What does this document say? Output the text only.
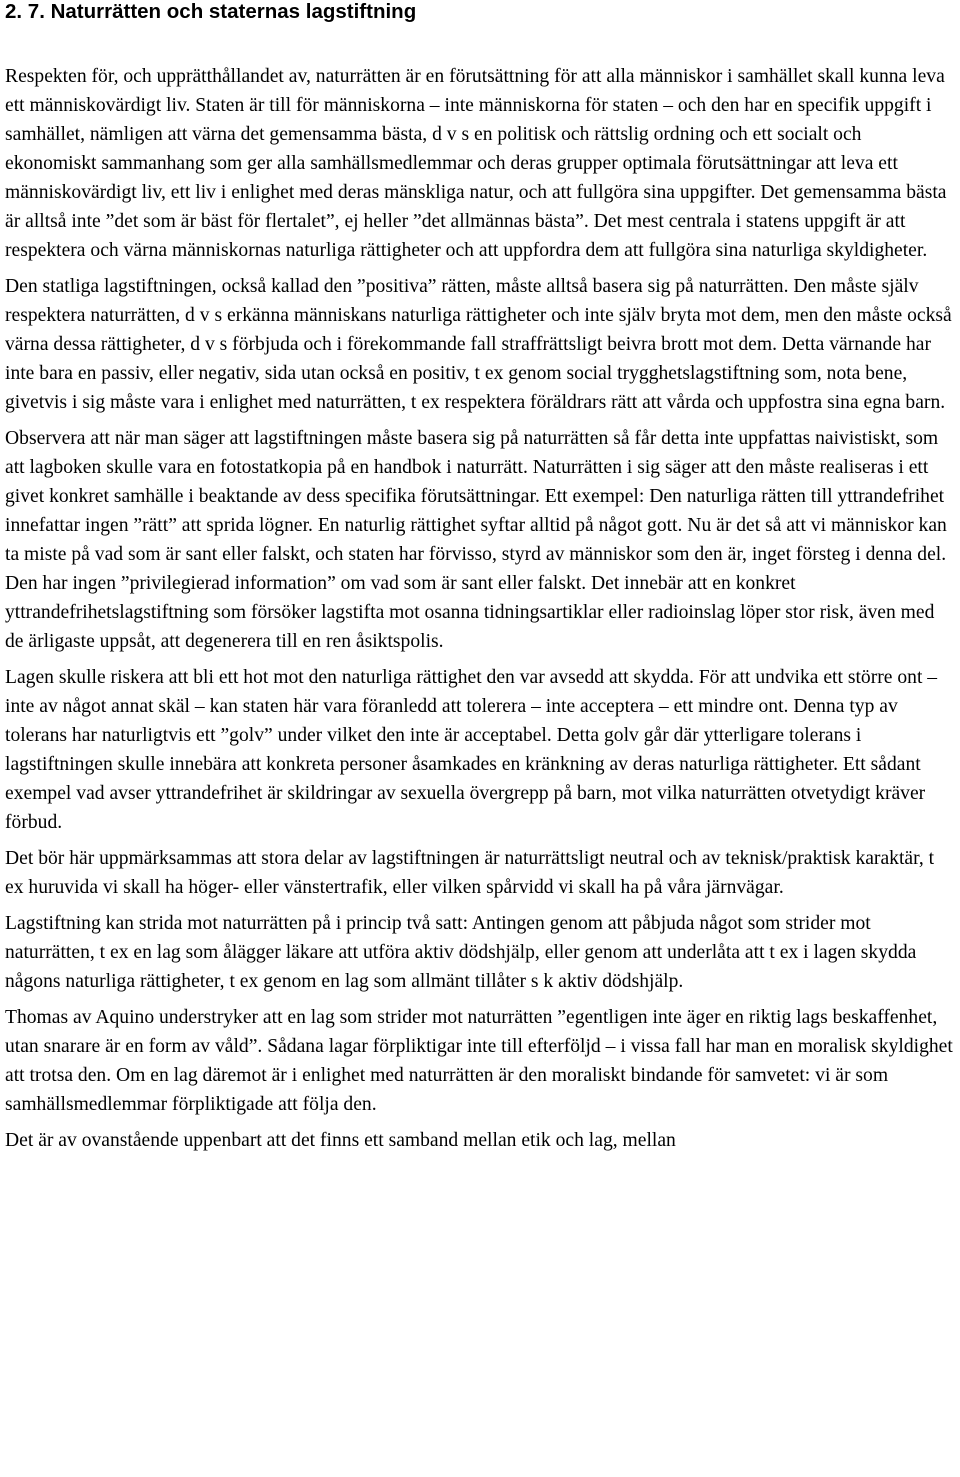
2. 7. Naturrätten och staternas lagstiftning

Respekten för, och upprätthållandet av, naturrätten är en förutsättning för att alla människor i samhället skall kunna leva ett människovärdigt liv. Staten är till för människorna – inte människorna för staten – och den har en specifik uppgift i samhället, nämligen att värna det gemensamma bästa, d v s en politisk och rättslig ordning och ett socialt och ekonomiskt sammanhang som ger alla samhällsmedlemmar och deras grupper optimala förutsättningar att leva ett människovärdigt liv, ett liv i enlighet med deras mänskliga natur, och att fullgöra sina uppgifter. Det gemensamma bästa är alltså inte ”det som är bäst för flertalet”, ej heller ”det allmännas bästa”. Det mest centrala i statens uppgift är att respektera och värna människornas naturliga rättigheter och att uppfordra dem att fullgöra sina naturliga skyldigheter.

Den statliga lagstiftningen, också kallad den ”positiva” rätten, måste alltså basera sig på naturrätten. Den måste själv respektera naturrätten, d v s erkänna människans naturliga rättigheter och inte själv bryta mot dem, men den måste också värna dessa rättigheter, d v s förbjuda och i förekommande fall straffrättsligt beivra brott mot dem. Detta värnande har inte bara en passiv, eller negativ, sida utan också en positiv, t ex genom social trygghetslagstiftning som, nota bene, givetvis i sig måste vara i enlighet med naturrätten, t ex respektera föräldrars rätt att vårda och uppfostra sina egna barn.

Observera att när man säger att lagstiftningen måste basera sig på naturrätten så får detta inte uppfattas naivistiskt, som att lagboken skulle vara en fotostatkopia på en handbok i naturrätt. Naturrätten i sig säger att den måste realiseras i ett givet konkret samhälle i beaktande av dess specifika förutsättningar. Ett exempel: Den naturliga rätten till yttrandefrihet innefattar ingen ”rätt” att sprida lögner. En naturlig rättighet syftar alltid på något gott. Nu är det så att vi människor kan ta miste på vad som är sant eller falskt, och staten har förvisso, styrd av människor som den är, inget försteg i denna del. Den har ingen ”privilegierad information” om vad som är sant eller falskt. Det innebär att en konkret yttrandefrihetslagstiftning som försöker lagstifta mot osanna tidningsartiklar eller radioinslag löper stor risk, även med de ärligaste uppsåt, att degenerera till en ren åsiktspolis.

Lagen skulle riskera att bli ett hot mot den naturliga rättighet den var avsedd att skydda. För att undvika ett större ont – inte av något annat skäl – kan staten här vara föranledd att tolerera – inte acceptera – ett mindre ont. Denna typ av tolerans har naturligtvis ett ”golv” under vilket den inte är acceptabel. Detta golv går där ytterligare tolerans i lagstiftningen skulle innebära att konkreta personer åsamkades en kränkning av deras naturliga rättigheter. Ett sådant exempel vad avser yttrandefrihet är skildringar av sexuella övergrepp på barn, mot vilka naturrätten otvetydigt kräver förbud.

Det bör här uppmärksammas att stora delar av lagstiftningen är naturrättsligt neutral och av teknisk/praktisk karaktär, t ex huruvida vi skall ha höger- eller vänstertrafik, eller vilken spårvidd vi skall ha på våra järnvägar.

Lagstiftning kan strida mot naturrätten på i princip två satt: Antingen genom att påbjuda något som strider mot naturrätten, t ex en lag som ålägger läkare att utföra aktiv dödshjälp, eller genom att underlåta att t ex i lagen skydda någons naturliga rättigheter, t ex genom en lag som allmänt tillåter s k aktiv dödshjälp.

Thomas av Aquino understryker att en lag som strider mot naturrätten ”egentligen inte äger en riktig lags beskaffenhet, utan snarare är en form av våld”. Sådana lagar förpliktigar inte till efterföljd – i vissa fall har man en moralisk skyldighet att trotsa den. Om en lag däremot är i enlighet med naturrätten är den moraliskt bindande för samvetet: vi är som samhällsmedlemmar förpliktigade att följa den.

Det är av ovanstående uppenbart att det finns ett samband mellan etik och lag, mellan
